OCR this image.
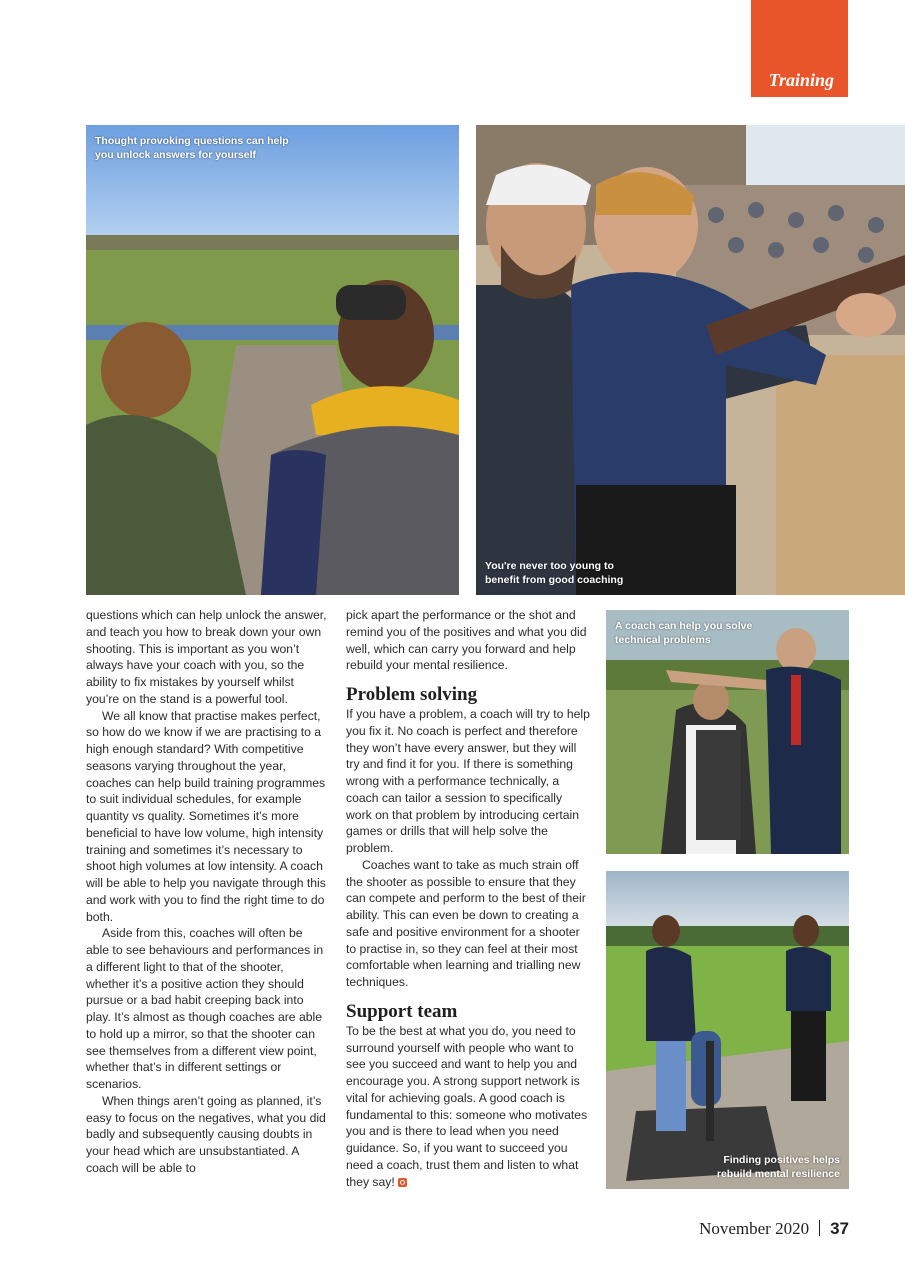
Training
Thought provoking questions can help you unlock answers for yourself
You're never too young to benefit from good coaching
A coach can help you solve technical problems
Finding positives helps rebuild mental resilience

questions which can help unlock the answer, and teach you how to break down your own shooting. This is important as you won’t always have your coach with you, so the ability to fix mistakes by yourself whilst you’re on the stand is a powerful tool.

We all know that practise makes perfect, so how do we know if we are practising to a high enough standard? With competitive seasons varying throughout the year, coaches can help build training programmes to suit individual schedules, for example quantity vs quality. Sometimes it’s more beneficial to have low volume, high intensity training and sometimes it’s necessary to shoot high volumes at low intensity. A coach will be able to help you navigate through this and work with you to find the right time to do both.

Aside from this, coaches will often be able to see behaviours and performances in a different light to that of the shooter, whether it’s a positive action they should pursue or a bad habit creeping back into play. It’s almost as though coaches are able to hold up a mirror, so that the shooter can see themselves from a different view point, whether that’s in different settings or scenarios.

When things aren’t going as planned, it’s easy to focus on the negatives, what you did badly and subsequently causing doubts in your head which are unsubstantiated. A coach will be able to

pick apart the performance or the shot and remind you of the positives and what you did well, which can carry you forward and help rebuild your mental resilience.

Problem solving

If you have a problem, a coach will try to help you fix it. No coach is perfect and therefore they won’t have every answer, but they will try and find it for you. If there is something wrong with a performance technically, a coach can tailor a session to specifically work on that problem by introducing certain games or drills that will help solve the problem.

Coaches want to take as much strain off the shooter as possible to ensure that they can compete and perform to the best of their ability. This can even be down to creating a safe and positive environment for a shooter to practise in, so they can feel at their most comfortable when learning and trialling new techniques.

Support team

To be the best at what you do, you need to surround yourself with people who want to see you succeed and want to help you and encourage you. A strong support network is vital for achieving goals. A good coach is fundamental to this: someone who motivates you and is there to lead when you need guidance. So, if you want to succeed you need a coach, trust them and listen to what they say!

November 2020 37
